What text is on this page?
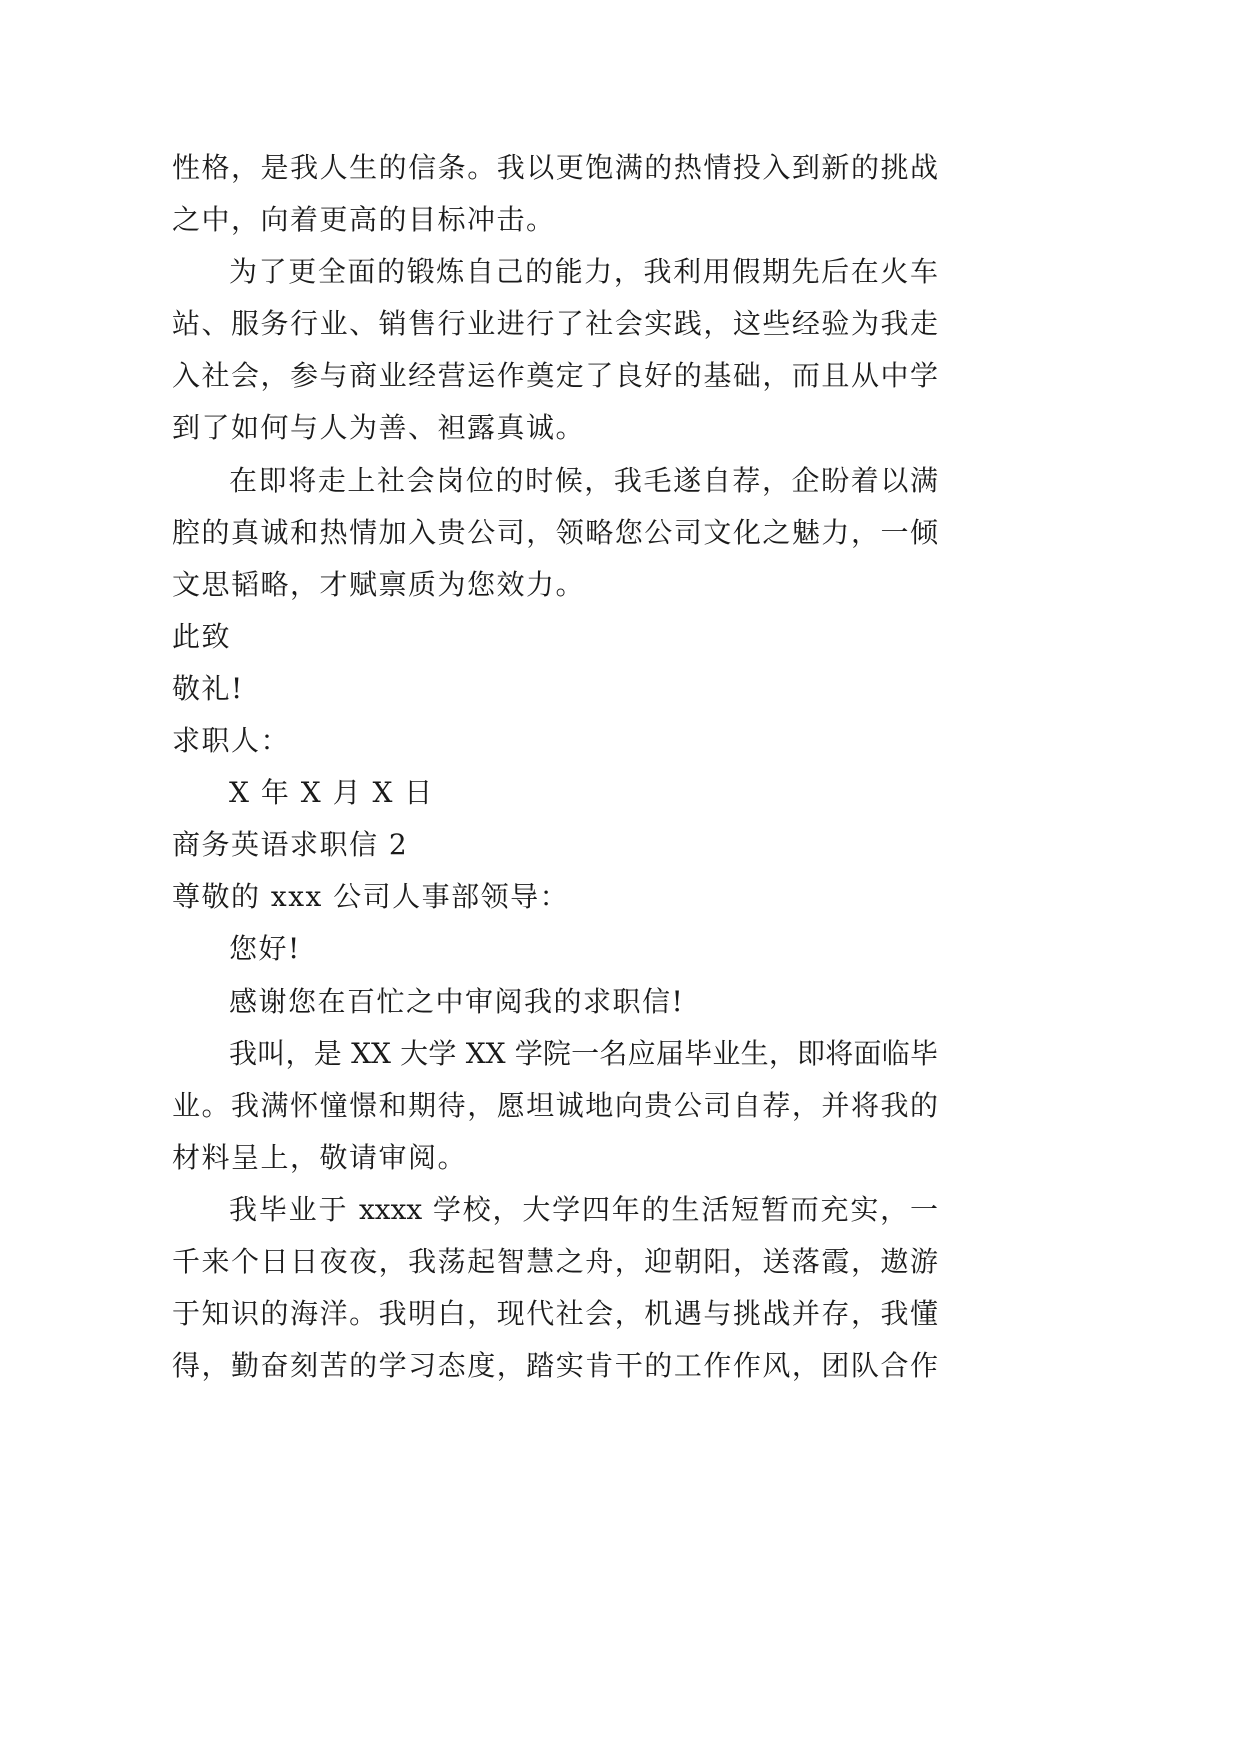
性格，是我人生的信条。我以更饱满的热情投入到新的挑战
之中，向着更高的目标冲击。
为了更全面的锻炼自己的能力，我利用假期先后在火车
站、服务行业、销售行业进行了社会实践，这些经验为我走
入社会，参与商业经营运作奠定了良好的基础，而且从中学
到了如何与人为善、袒露真诚。
在即将走上社会岗位的时候，我毛遂自荐，企盼着以满
腔的真诚和热情加入贵公司，领略您公司文化之魅力，一倾
文思韬略，才赋禀质为您效力。
此致
敬礼!
求职人：
X 年 X 月 X 日
商务英语求职信 2
尊敬的 xxx 公司人事部领导：
您好!
感谢您在百忙之中审阅我的求职信!
我叫，是 XX 大学 XX 学院一名应届毕业生，即将面临毕
业。我满怀憧憬和期待，愿坦诚地向贵公司自荐，并将我的
材料呈上，敬请审阅。
我毕业于 xxxx 学校，大学四年的生活短暂而充实，一
千来个日日夜夜，我荡起智慧之舟，迎朝阳，送落霞，遨游
于知识的海洋。我明白，现代社会，机遇与挑战并存，我懂
得，勤奋刻苦的学习态度，踏实肯干的工作作风，团队合作
